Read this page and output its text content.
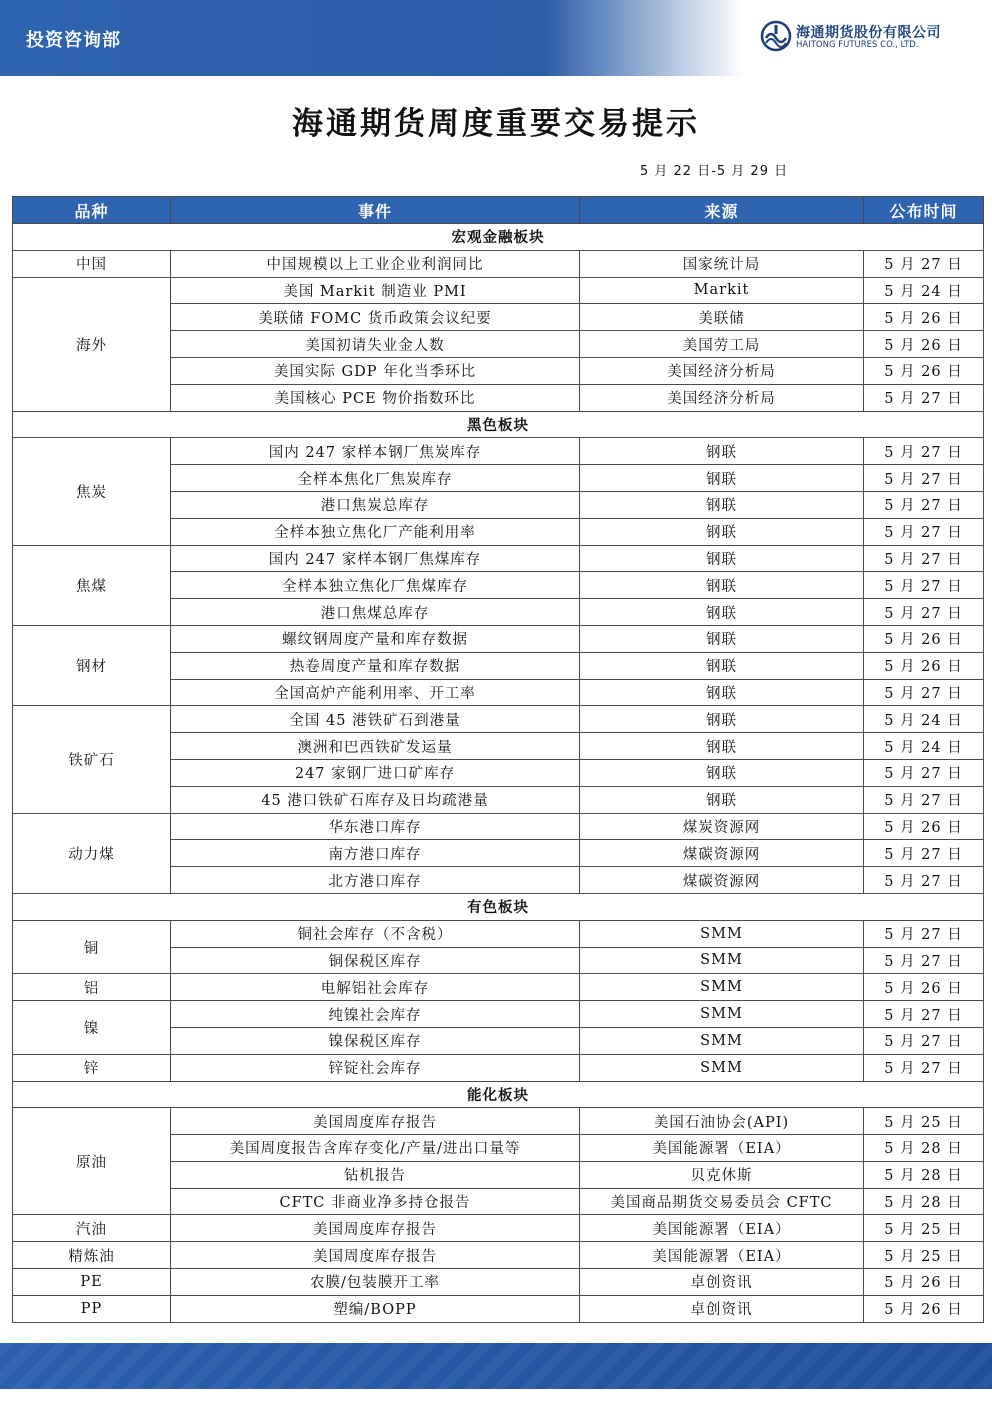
投资咨询部	海通期货股份有限公司
HAITONG FUTURES CO., LTD.
海通期货周度重要交易提示
5 月 22 日-5 月 29 日
品种	事件	来源	公布时间
宏观金融板块			
中国	中国规模以上工业企业利润同比	国家统计局	5 月 27 日
海外	美国 Markit 制造业 PMI	Markit	5 月 24 日
	美联储 FOMC 货币政策会议纪要	美联储	5 月 26 日
	美国初请失业金人数	美国劳工局	5 月 26 日
	美国实际 GDP 年化当季环比	美国经济分析局	5 月 26 日
	美国核心 PCE 物价指数环比	美国经济分析局	5 月 27 日
黑色板块			
焦炭	国内 247 家样本钢厂焦炭库存	钢联	5 月 27 日
	全样本焦化厂焦炭库存	钢联	5 月 27 日
	港口焦炭总库存	钢联	5 月 27 日
	全样本独立焦化厂产能利用率	钢联	5 月 27 日
焦煤	国内 247 家样本钢厂焦煤库存	钢联	5 月 27 日
	全样本独立焦化厂焦煤库存	钢联	5 月 27 日
	港口焦煤总库存	钢联	5 月 27 日
钢材	螺纹钢周度产量和库存数据	钢联	5 月 26 日
	热卷周度产量和库存数据	钢联	5 月 26 日
	全国高炉产能利用率、开工率	钢联	5 月 27 日
铁矿石	全国 45 港铁矿石到港量	钢联	5 月 24 日
	澳洲和巴西铁矿发运量	钢联	5 月 24 日
	247 家钢厂进口矿库存	钢联	5 月 27 日
	45 港口铁矿石库存及日均疏港量	钢联	5 月 27 日
动力煤	华东港口库存	煤炭资源网	5 月 26 日
	南方港口库存	煤碳资源网	5 月 27 日
	北方港口库存	煤碳资源网	5 月 27 日
有色板块			
铜	铜社会库存（不含税）	SMM	5 月 27 日
	铜保税区库存	SMM	5 月 27 日
铝	电解铝社会库存	SMM	5 月 26 日
镍	纯镍社会库存	SMM	5 月 27 日
	镍保税区库存	SMM	5 月 27 日
锌	锌锭社会库存	SMM	5 月 27 日
能化板块			
原油	美国周度库存报告	美国石油协会(API)	5 月 25 日
	美国周度报告含库存变化/产量/进出口量等	美国能源署（EIA）	5 月 28 日
	钻机报告	贝克休斯	5 月 28 日
	CFTC 非商业净多持仓报告	美国商品期货交易委员会 CFTC	5 月 28 日
汽油	美国周度库存报告	美国能源署（EIA）	5 月 25 日
精炼油	美国周度库存报告	美国能源署（EIA）	5 月 25 日
PE	农膜/包装膜开工率	卓创资讯	5 月 26 日
PP	塑编/BOPP	卓创资讯	5 月 26 日
